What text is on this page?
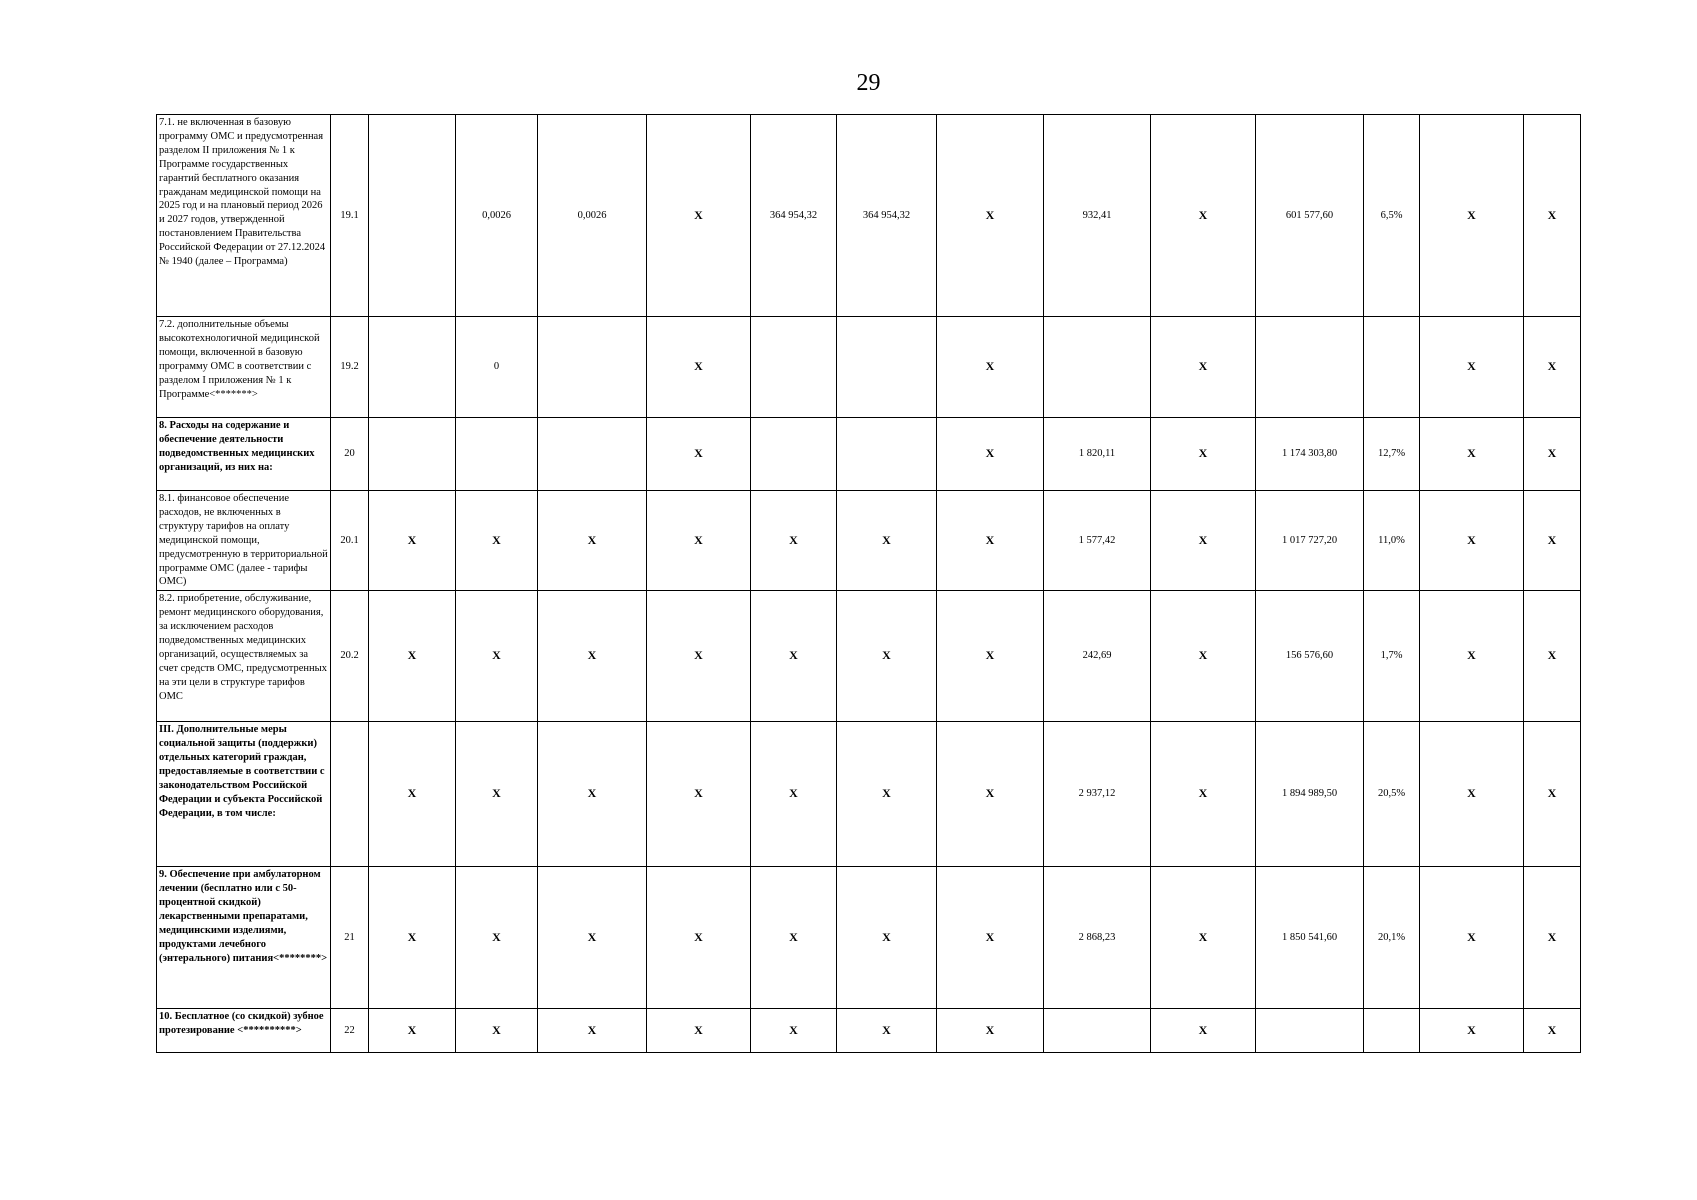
29
7.1. не включенная в базовую программу ОМС и предусмотренная разделом II приложения № 1 к Программе государственных гарантий бесплатного оказания гражданам медицинской помощи на 2025 год и на плановый период 2026 и 2027 годов, утвержденной постановлением Правительства Российской Федерации от 27.12.2024 № 1940 (далее – Программа)	19.1		0,0026	0,0026	X	364 954,32	364 954,32	X	932,41	X	601 577,60	6,5%	X	X
7.2. дополнительные объемы высокотехнологичной медицинской помощи, включенной в базовую программу ОМС в соответствии с разделом I приложения № 1 к Программе<*******>	19.2		0		X			X		X			X	X
8. Расходы на содержание и обеспечение деятельности подведомственных медицинских организаций, из них на:	20				X			X	1 820,11	X	1 174 303,80	12,7%	X	X
8.1. финансовое обеспечение расходов, не включенных в структуру тарифов на оплату медицинской помощи, предусмотренную в территориальной программе ОМС (далее - тарифы ОМС)	20.1	X	X	X	X	X	X	X	1 577,42	X	1 017 727,20	11,0%	X	X
8.2. приобретение, обслуживание, ремонт медицинского оборудования, за исключением расходов подведомственных медицинских организаций, осуществляемых за счет средств ОМС, предусмотренных на эти цели в структуре тарифов ОМС	20.2	X	X	X	X	X	X	X	242,69	X	156 576,60	1,7%	X	X
III. Дополнительные меры социальной защиты (поддержки) отдельных категорий граждан, предоставляемые в соответствии с законодательством Российской Федерации и субъекта Российской Федерации, в том числе:		X	X	X	X	X	X	X	2 937,12	X	1 894 989,50	20,5%	X	X
9. Обеспечение при амбулаторном лечении (бесплатно или с 50-процентной скидкой) лекарственными препаратами, медицинскими изделиями, продуктами лечебного (энтерального) питания<********>	21	X	X	X	X	X	X	X	2 868,23	X	1 850 541,60	20,1%	X	X
10. Бесплатное (со скидкой) зубное протезирование <**********>	22	X	X	X	X	X	X	X		X			X	X
